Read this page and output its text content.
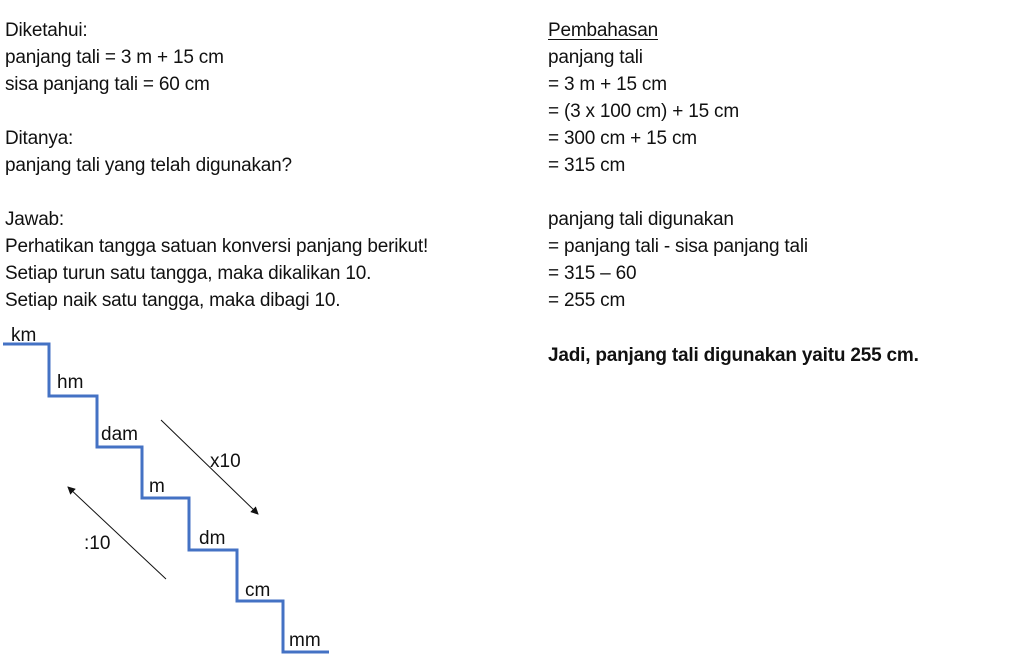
Diketahui:
panjang tali = 3 m + 15 cm
sisa panjang tali = 60 cm
Ditanya:
panjang tali yang telah digunakan?
Jawab:
Perhatikan tangga satuan konversi panjang berikut!
Setiap turun satu tangga, maka dikalikan 10.
Setiap naik satu tangga, maka dibagi 10.
km
hm
dam
m
dm
cm
mm
x10
:10
Pembahasan
panjang tali
= 3 m + 15 cm
= (3 x 100 cm) + 15 cm
= 300 cm + 15 cm
= 315 cm
panjang tali digunakan
= panjang tali - sisa panjang tali
= 315 – 60
= 255 cm
Jadi, panjang tali digunakan yaitu 255 cm.
